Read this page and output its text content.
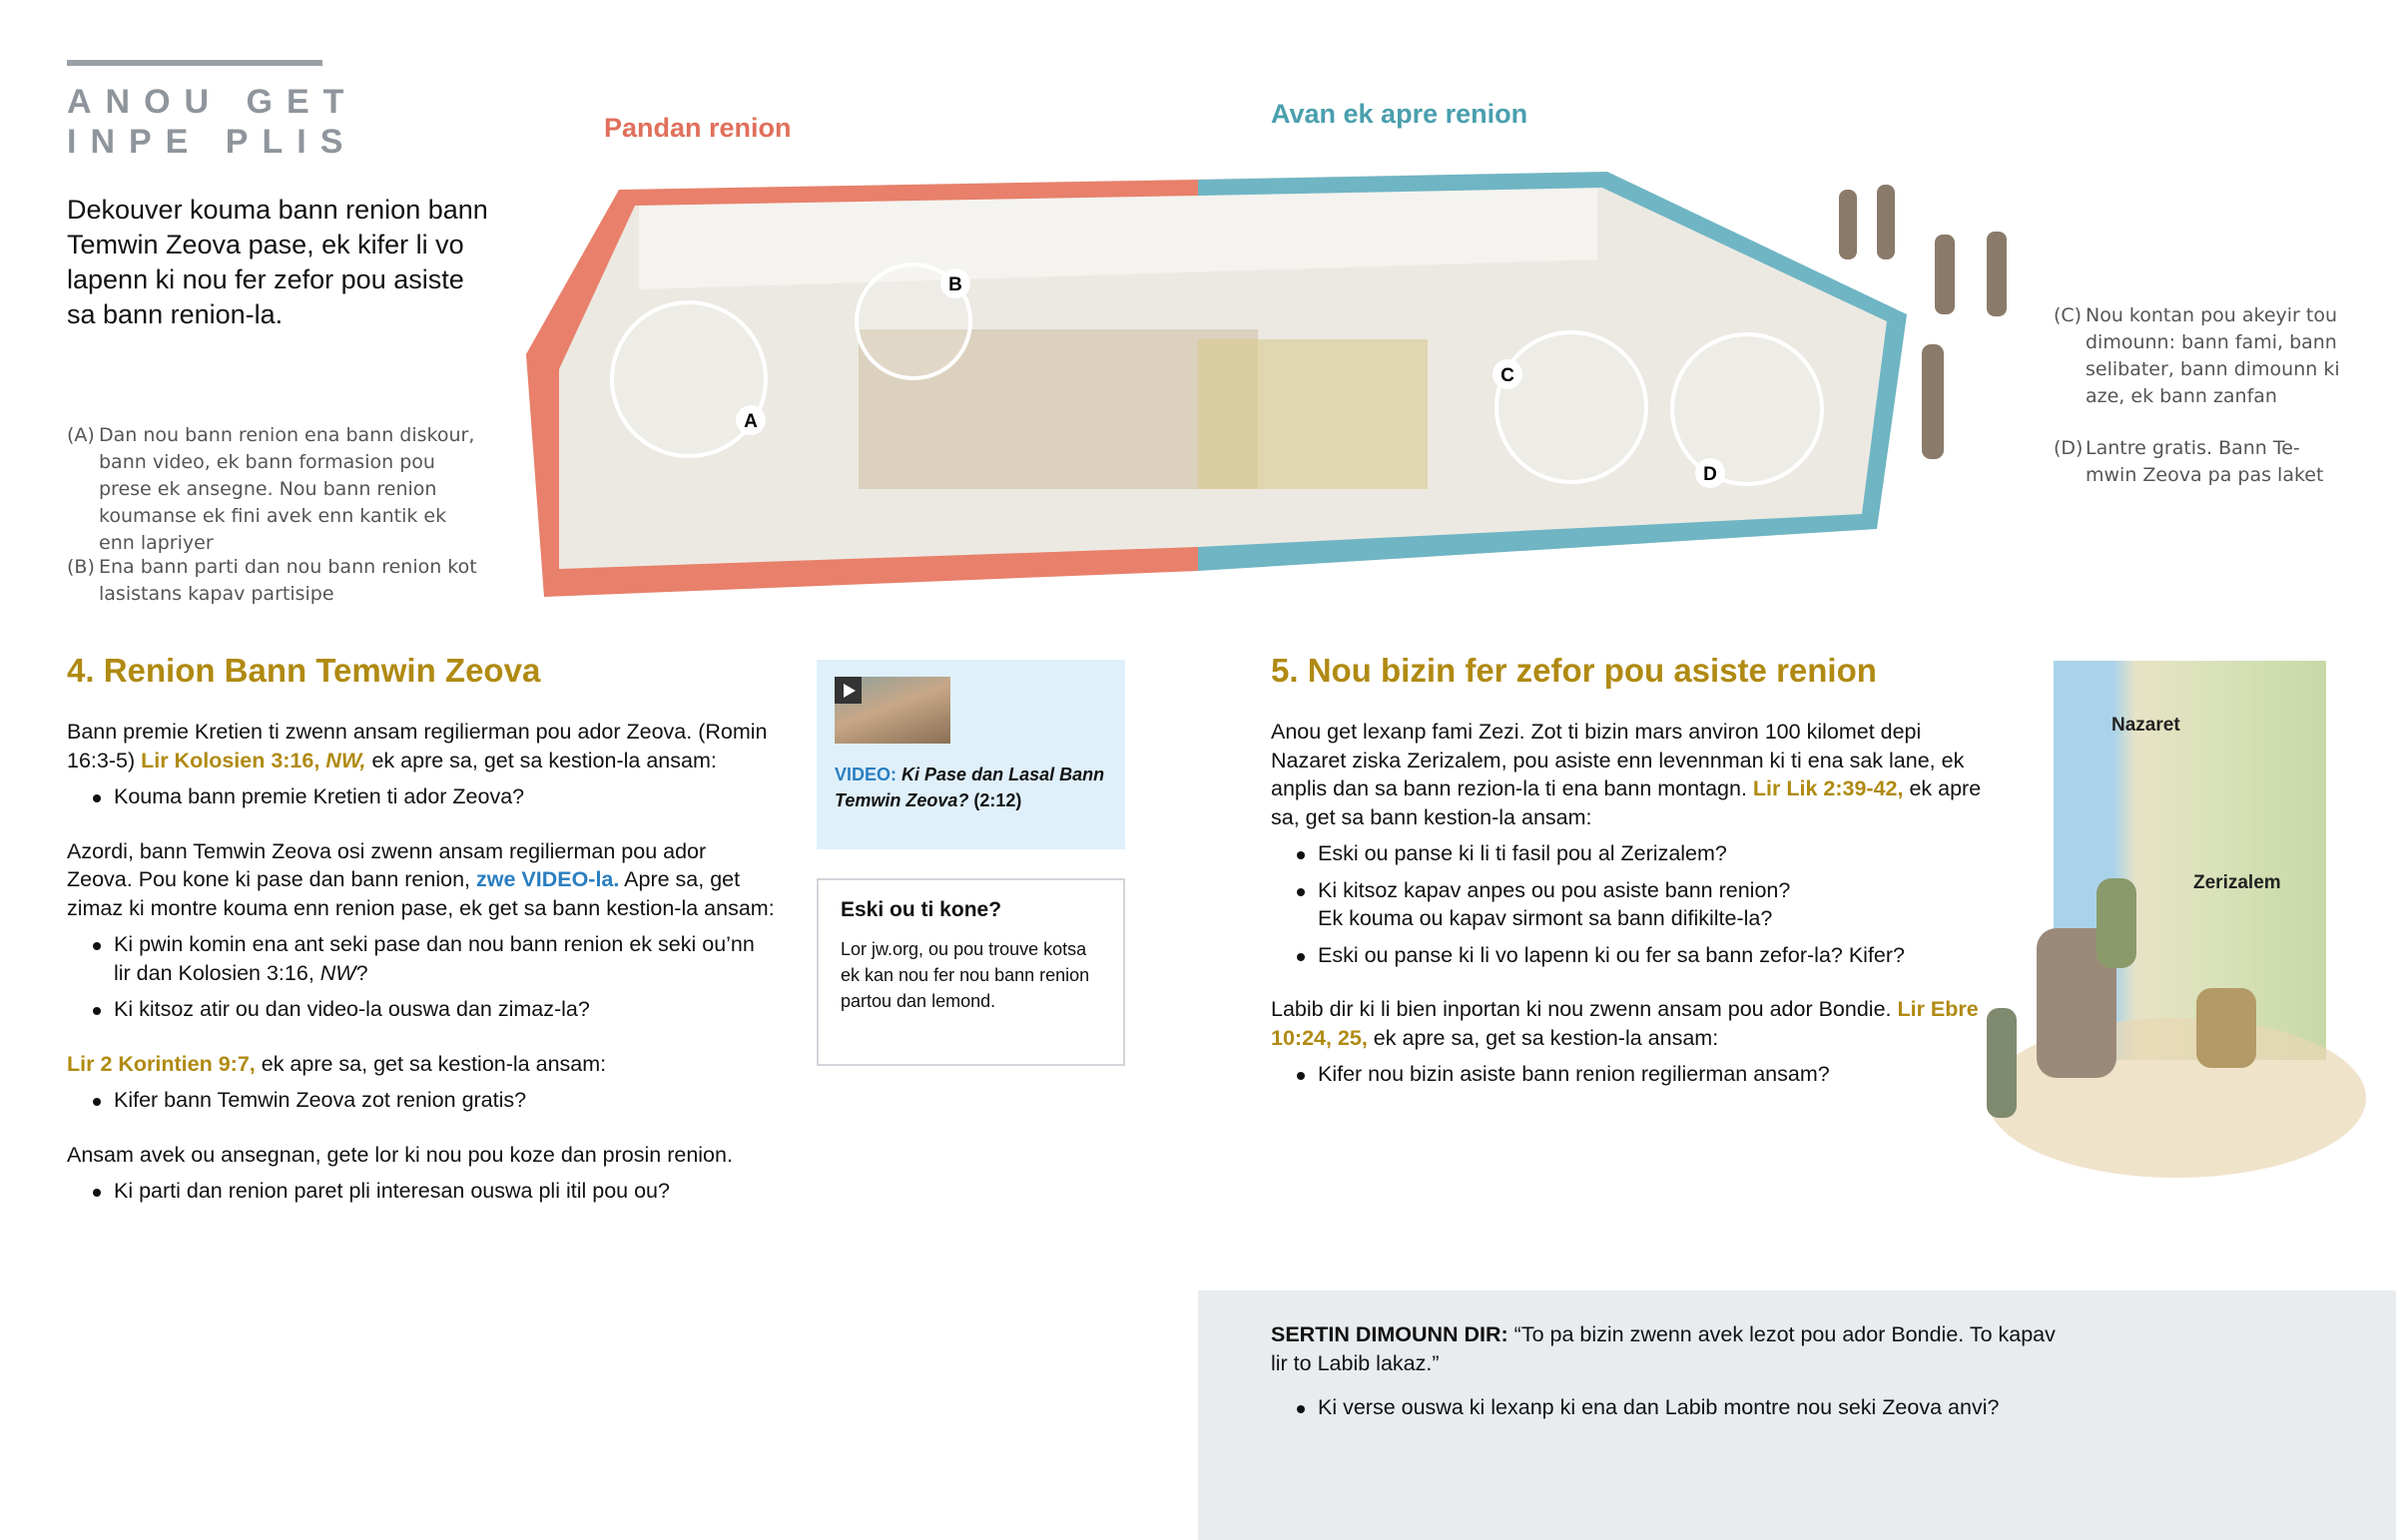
ANOU GET
INPE PLIS
Dekouver kouma bann renion bann Temwin Zeova pase, ek kifer li vo lapenn ki nou fer zefor pou asiste sa bann renion-la.
(A) Dan nou bann renion ena bann diskour, bann video, ek bann formasion pou prese ek ansegne. Nou bann renion koumanse ek fini avek enn kantik ek enn lapriyer
(B) Ena bann parti dan nou bann renion kot lasistans kapav partisipe
(C) Nou kontan pou akeyir tou dimounn: bann fami, bann selibater, bann dimounn ki aze, ek bann zanfan
(D) Lantre gratis. Bann Te-mwin Zeova pa pas laket
Pandan renion	Avan ek apre renion
A
B
C
D
4. Renion Bann Temwin Zeova

Bann premie Kretien ti zwenn ansam regilierman pou ador Zeova. (Romin 16:3-5) Lir Kolosien 3:16, NW, ek apre sa, get sa kestion-la ansam:

Kouma bann premie Kretien ti ador Zeova?

Azordi, bann Temwin Zeova osi zwenn ansam regilierman pou ador Zeova. Pou kone ki pase dan bann renion, zwe VIDEO-la. Apre sa, get zimaz ki montre kouma enn renion pase, ek get sa bann kestion-la ansam:

Ki pwin komin ena ant seki pase dan nou bann renion ek seki ou’nn lir dan Kolosien 3:16, NW?
Ki kitsoz atir ou dan video-la ouswa dan zimaz-la?

Lir 2 Korintien 9:7, ek apre sa, get sa kestion-la ansam:

Kifer bann Temwin Zeova zot renion gratis?

Ansam avek ou ansegnan, gete lor ki nou pou koze dan prosin renion.

Ki parti dan renion paret pli interesan ouswa pli itil pou ou?
VIDEO: Ki Pase dan Lasal Bann Temwin Zeova? (2:12)
Eski ou ti kone?
Lor jw.org, ou pou trouve kotsa ek kan nou fer nou bann renion partou dan lemond.
5. Nou bizin fer zefor pou asiste renion

Anou get lexanp fami Zezi. Zot ti bizin mars anviron 100 kilomet depi Nazaret ziska Zerizalem, pou asiste enn levennman ki ti ena sak lane, ek anplis dan sa bann rezion-la ti ena bann montagn. Lir Lik 2:39-42, ek apre sa, get sa bann kestion-la ansam:

Eski ou panse ki li ti fasil pou al Zerizalem?
Ki kitsoz kapav anpes ou pou asiste bann renion? Ek kouma ou kapav sirmont sa bann difikilte-la?
Eski ou panse ki li vo lapenn ki ou fer sa bann zefor-la? Kifer?

Labib dir ki li bien inportan ki nou zwenn ansam pou ador Bondie. Lir Ebre 10:24, 25, ek apre sa, get sa kestion-la ansam:

Kifer nou bizin asiste bann renion regilierman ansam?
Nazaret
Zerizalem

SERTIN DIMOUNN DIR: “To pa bizin zwenn avek lezot pou ador Bondie. To kapav lir to Labib lakaz.”

Ki verse ouswa ki lexanp ki ena dan Labib montre nou seki Zeova anvi?
